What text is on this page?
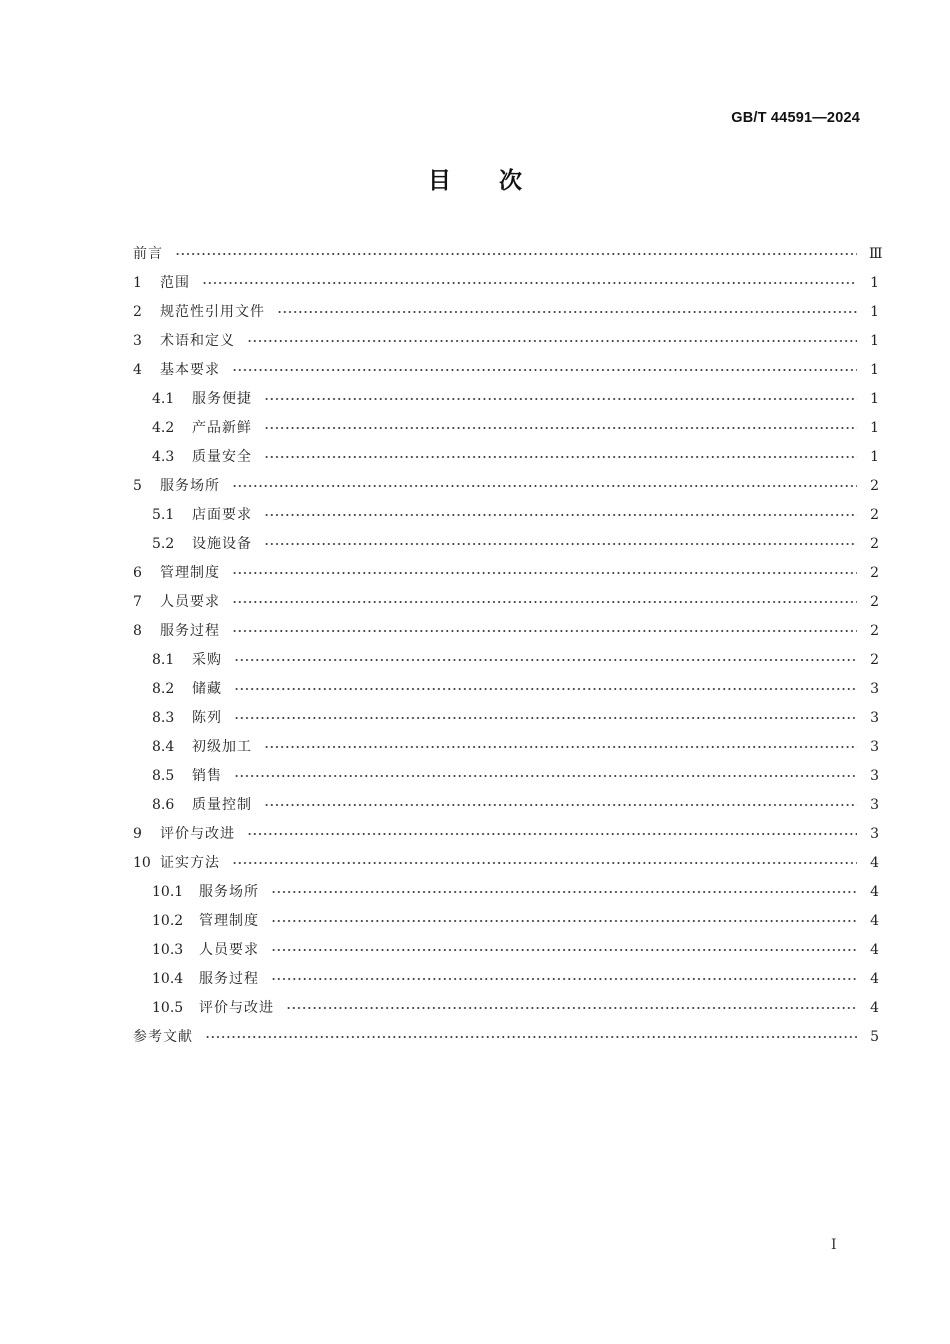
GB/T 44591—2024
目次
前言	Ⅲ
1	范围	1
2	规范性引用文件	1
3	术语和定义	1
4	基本要求	1
4.1	服务便捷	1
4.2	产品新鲜	1
4.3	质量安全	1
5	服务场所	2
5.1	店面要求	2
5.2	设施设备	2
6	管理制度	2
7	人员要求	2
8	服务过程	2
8.1	采购	2
8.2	储藏	3
8.3	陈列	3
8.4	初级加工	3
8.5	销售	3
8.6	质量控制	3
9	评价与改进	3
10 证实方法	4
10.1	服务场所	4
10.2	管理制度	4
10.3	人员要求	4
10.4	服务过程	4
10.5	评价与改进	4
参考文献	5
Ⅰ
